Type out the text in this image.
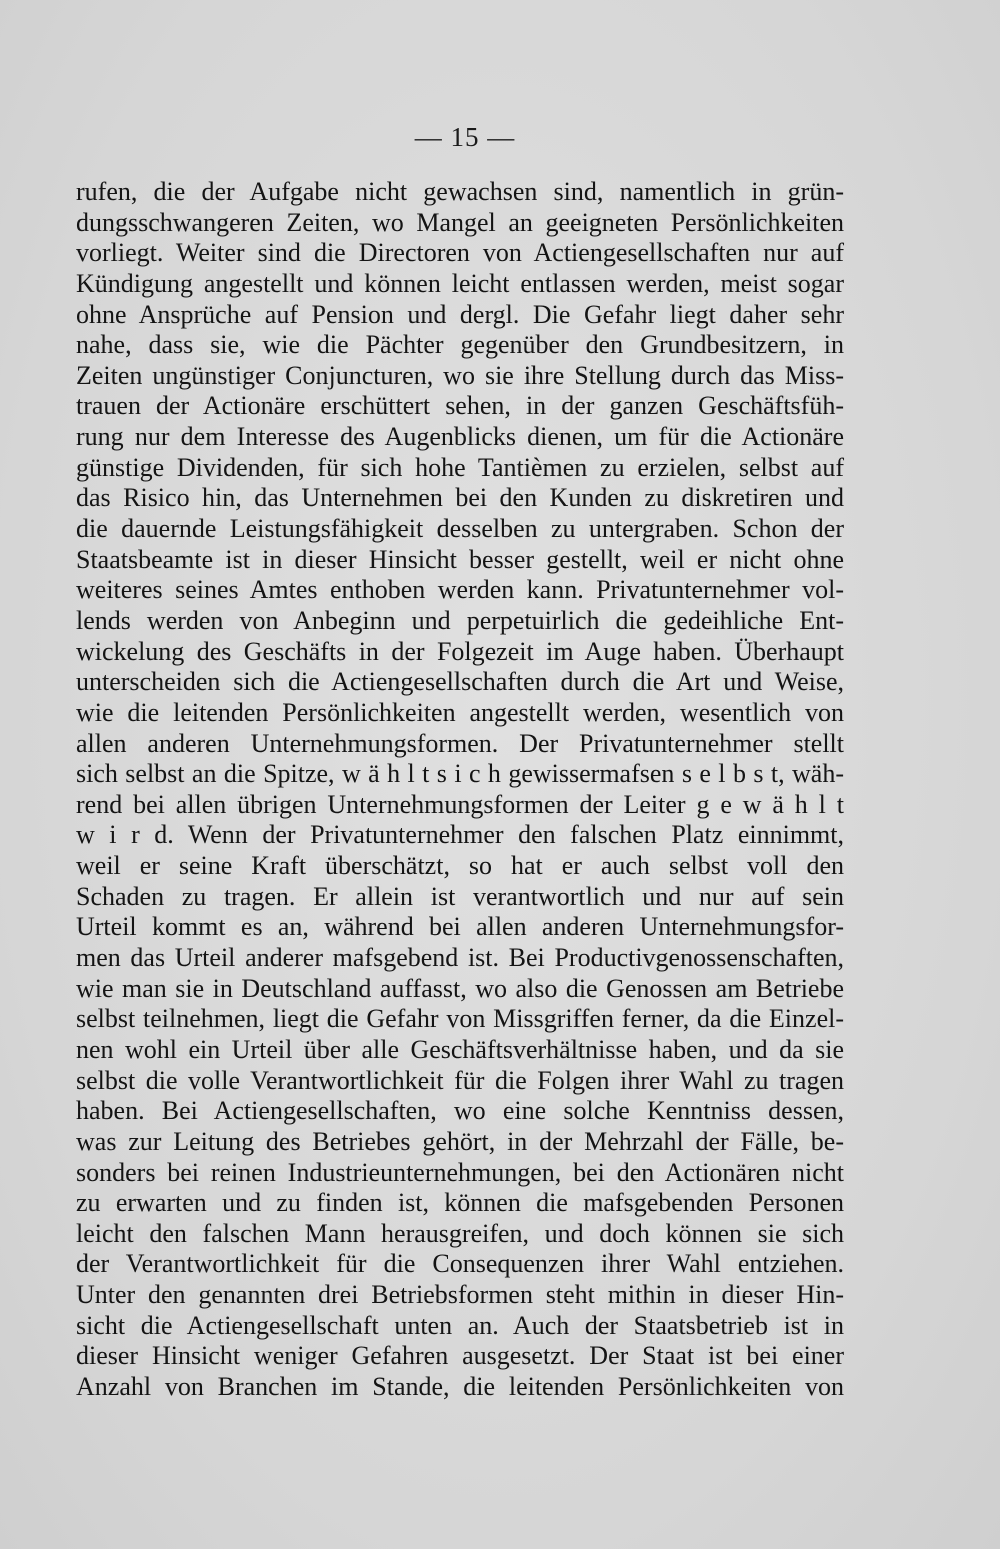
— 15 —
rufen, die der Aufgabe nicht gewachsen sind, namentlich in grün-
dungsschwangeren Zeiten, wo Mangel an geeigneten Persönlichkeiten
vorliegt. Weiter sind die Directoren von Actiengesellschaften nur auf
Kündigung angestellt und können leicht entlassen werden, meist sogar
ohne Ansprüche auf Pension und dergl. Die Gefahr liegt daher sehr
nahe, dass sie, wie die Pächter gegenüber den Grundbesitzern, in
Zeiten ungünstiger Conjuncturen, wo sie ihre Stellung durch das Miss-
trauen der Actionäre erschüttert sehen, in der ganzen Geschäftsfüh-
rung nur dem Interesse des Augenblicks dienen, um für die Actionäre
günstige Dividenden, für sich hohe Tantièmen zu erzielen, selbst auf
das Risico hin, das Unternehmen bei den Kunden zu diskretiren und
die dauernde Leistungsfähigkeit desselben zu untergraben. Schon der
Staatsbeamte ist in dieser Hinsicht besser gestellt, weil er nicht ohne
weiteres seines Amtes enthoben werden kann. Privatunternehmer vol-
lends werden von Anbeginn und perpetuirlich die gedeihliche Ent-
wickelung des Geschäfts in der Folgezeit im Auge haben. Überhaupt
unterscheiden sich die Actiengesellschaften durch die Art und Weise,
wie die leitenden Persönlichkeiten angestellt werden, wesentlich von
allen anderen Unternehmungsformen. Der Privatunternehmer stellt
sich selbst an die Spitze, w ä h l t s i c h gewissermafsen s e l b s t, wäh-
rend bei allen übrigen Unternehmungsformen der Leiter g e w ä h l t
w i r d. Wenn der Privatunternehmer den falschen Platz einnimmt,
weil er seine Kraft überschätzt, so hat er auch selbst voll den
Schaden zu tragen. Er allein ist verantwortlich und nur auf sein
Urteil kommt es an, während bei allen anderen Unternehmungsfor-
men das Urteil anderer mafsgebend ist. Bei Productivgenossenschaften,
wie man sie in Deutschland auffasst, wo also die Genossen am Betriebe
selbst teilnehmen, liegt die Gefahr von Missgriffen ferner, da die Einzel-
nen wohl ein Urteil über alle Geschäftsverhältnisse haben, und da sie
selbst die volle Verantwortlichkeit für die Folgen ihrer Wahl zu tragen
haben. Bei Actiengesellschaften, wo eine solche Kenntniss dessen,
was zur Leitung des Betriebes gehört, in der Mehrzahl der Fälle, be-
sonders bei reinen Industrieunternehmungen, bei den Actionären nicht
zu erwarten und zu finden ist, können die mafsgebenden Personen
leicht den falschen Mann herausgreifen, und doch können sie sich
der Verantwortlichkeit für die Consequenzen ihrer Wahl entziehen.
Unter den genannten drei Betriebsformen steht mithin in dieser Hin-
sicht die Actiengesellschaft unten an. Auch der Staatsbetrieb ist in
dieser Hinsicht weniger Gefahren ausgesetzt. Der Staat ist bei einer
Anzahl von Branchen im Stande, die leitenden Persönlichkeiten von
